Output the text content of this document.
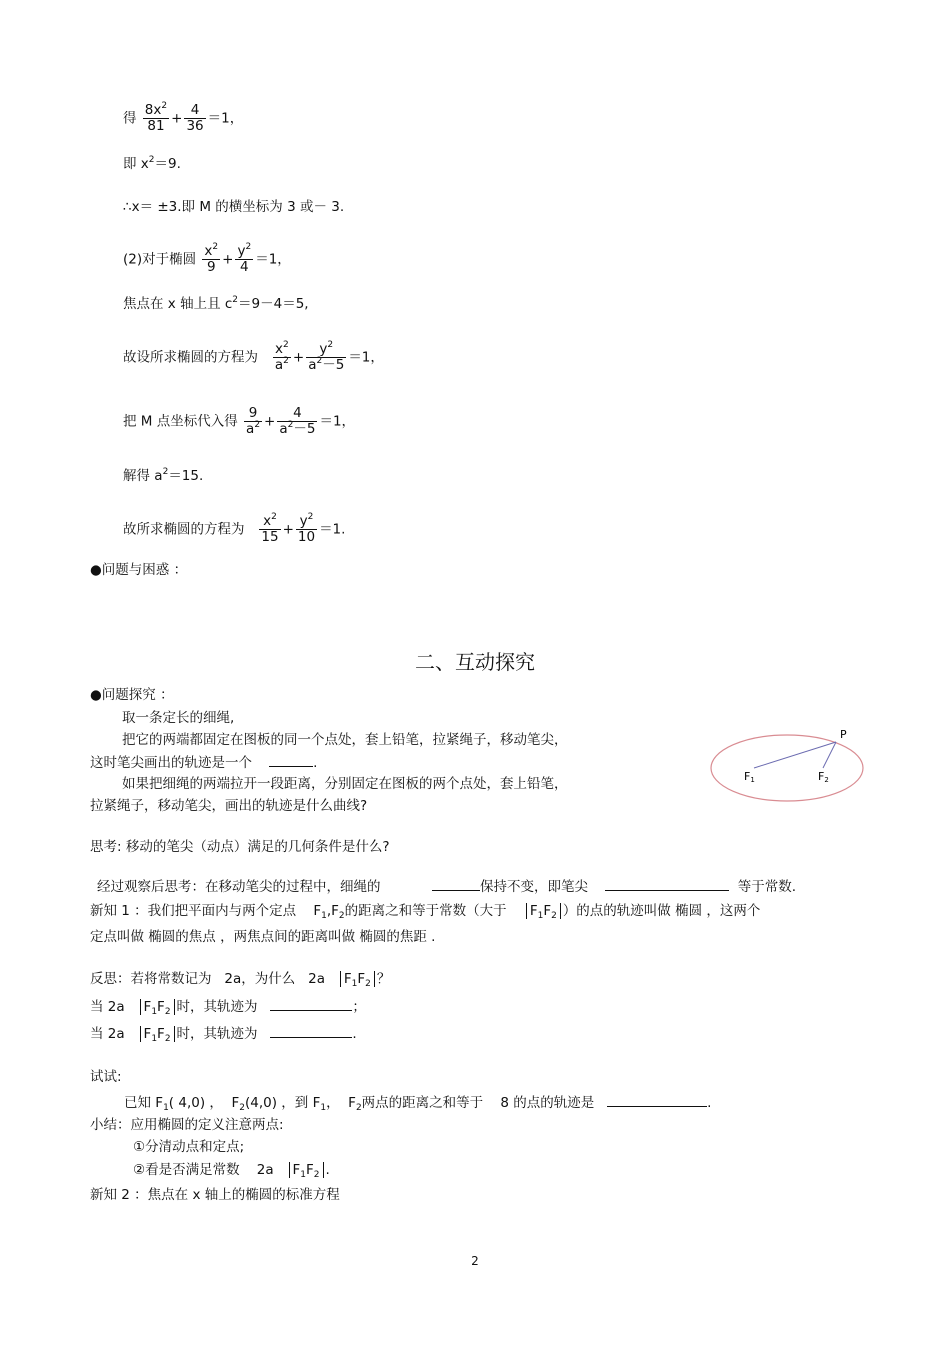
得 $\frac{8x^2}{81} + \frac{4}{36} =1$，
即 $x^2=9$.
∴x＝ ±3.即 M 的横坐标为 3 或－ 3.
(2)对于椭圆 $\frac{x^2}{9} + \frac{y^2}{4} =1$，
焦点在 x 轴上且 $c^2=9-4=5$,
故设所求椭圆的方程为 $\frac{x^2}{a^2} + \frac{y^2}{a^2-5} =1$，
把 M 点坐标代入得 $\frac{9}{a^2} + \frac{4}{a^2-5} =1$，
解得 $a^2=15$.
故所求椭圆的方程为 $\frac{x^2}{15} + \frac{y^2}{10} =1$.
●问题与困惑 ：
二、互动探究
●问题探究 ：
取一条定长的细绳,
把它的两端都固定在图板的同一个点处，套上铅笔，拉紧绳子，移动笔尖，
这时笔尖画出的轨迹是一个	.
如果把细绳的两端拉开一段距离，分别固定在图板的两个点处，套上铅笔，
拉紧绳子，移动笔尖，画出的轨迹是什么曲线?
P
F1	F2
思考: 移动的笔尖（动点）满足的几何条件是什么?
经过观察后思考：在移动笔尖的过程中，细绳的	保持不变，即笔尖	等于常数.
新知 1 ：我们把平面内与两个定点 $F_1,F_2$的距离之和等于常数（大于 $F_1F_2$ ）的点的轨迹叫做 椭圆 ，这两个
定点叫做 椭圆的焦点 ，两焦点间的距离叫做 椭圆的焦距 .
反思：若将常数记为 2a，为什么 2a $F_1F_2$ ？
当 2a $F_1F_2$ 时，其轨迹为	；
当 2a $F_1F_2$ 时，其轨迹为	.
试试:
已知 $F_1$( 4,0) ， $F_2(4,0)$ ，到 $F_1$， $F_2$两点的距离之和等于 8 的点的轨迹是	.
小结：应用椭圆的定义注意两点:
①分清动点和定点;
②看是否满足常数 2a $F_1F_2$ .
新知 2 ：焦点在 x 轴上的椭圆的标准方程
2
